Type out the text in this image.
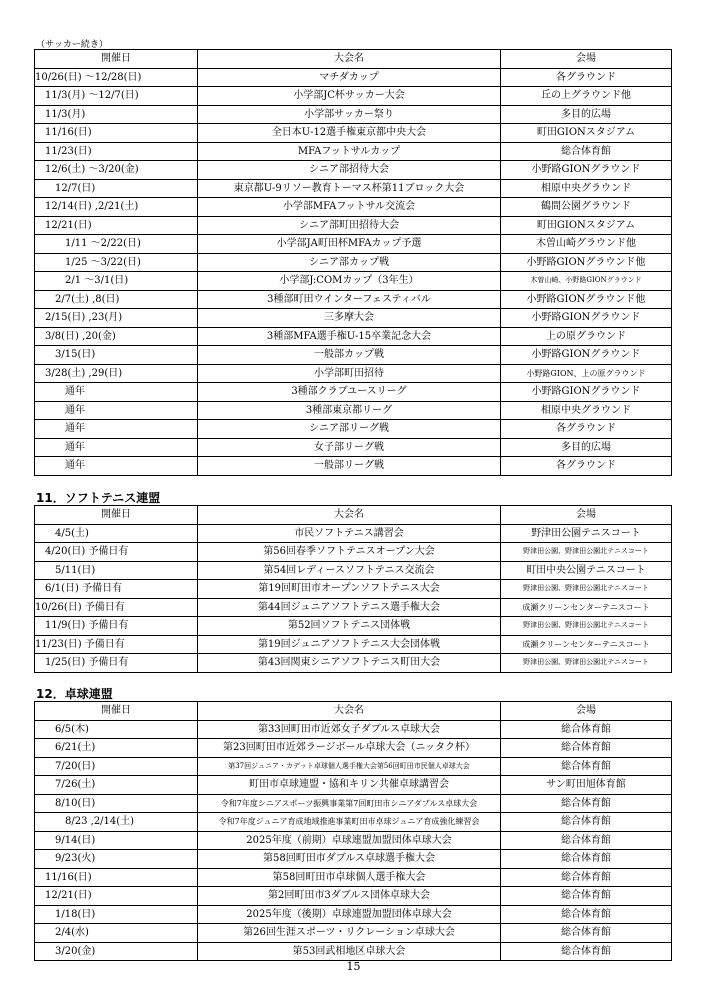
（サッカー続き）
開催日	大会名	会場
10/26(日) ～12/28(日)	マチダカップ	各グラウンド
　11/3(月) ～12/7(日)	小学部JC杯サッカー大会	丘の上グラウンド他
　11/3(月)	小学部サッカー祭り	多目的広場
　11/16(日)	全日本U-12選手権東京都中央大会	町田GIONスタジアム
　11/23(日)	MFAフットサルカップ	総合体育館
　12/6(土) ～3/20(金)	シニア部招待大会	小野路GIONグラウンド
　　12/7(日)	東京都U-9リソー教育トーマス杯第11ブロック大会	相原中央グラウンド
　12/14(日) ,2/21(土)	小学部MFAフットサル交流会	鶴間公園グラウンド
　12/21(日)	シニア部町田招待大会	町田GIONスタジアム
　　　1/11 ～2/22(日)	小学部JA町田杯MFAカップ予選	木曽山崎グラウンド他
　　　1/25 ～3/22(日)	シニア部カップ戦	小野路GIONグラウンド他
　　　2/1 ～3/1(日)	小学部J:COMカップ（3年生）	木曽山崎、小野路GIONグラウンド
　　2/7(土) ,8(日)	3種部町田ウインターフェスティバル	小野路GIONグラウンド他
　2/15(日) ,23(月)	三多摩大会	小野路GIONグラウンド
　3/8(日) ,20(金)	3種部MFA選手権U-15卒業記念大会	上の原グラウンド
　　3/15(日)	一般部カップ戦	小野路GIONグラウンド
　3/28(土) ,29(日)	小学部町田招待	小野路GION、上の原グラウンド
　　　通年	3種部クラブユースリーグ	小野路GIONグラウンド
　　　通年	3種部東京都リーグ	相原中央グラウンド
　　　通年	シニア部リーグ戦	各グラウンド
　　　通年	女子部リーグ戦	多目的広場
　　　通年	一般部リーグ戦	各グラウンド
11．ソフトテニス連盟
開催日	大会名	会場
　　4/5(土)	市民ソフトテニス講習会	野津田公園テニスコート
　4/20(日) 予備日有	第56回春季ソフトテニスオープン大会	野津田公園、野津田公園北テニスコート
　　5/11(日)	第54回レディースソフトテニス交流会	町田中央公園テニスコート
　6/1(日) 予備日有	第19回町田市オープンソフトテニス大会	野津田公園、野津田公園北テニスコート
10/26(日) 予備日有	第44回ジュニアソフトテニス選手権大会	成瀬クリーンセンターテニスコート
　11/9(日) 予備日有	第52回ソフトテニス団体戦	野津田公園、野津田公園北テニスコート
11/23(日) 予備日有	第19回ジュニアソフトテニス大会団体戦	成瀬クリーンセンターテニスコート
　1/25(日) 予備日有	第43回関東シニアソフトテニス町田大会	野津田公園、野津田公園北テニスコート
12．卓球連盟
開催日	大会名	会場
　　6/5(木)	第33回町田市近郊女子ダブルス卓球大会	総合体育館
　　6/21(土)	第23回町田市近郊ラージボール卓球大会（ニッタク杯）	総合体育館
　　7/20(日)	第37回ジュニア・カデット卓球個人選手権大会第56回町田市民個人卓球大会	総合体育館
　　7/26(土)	町田市卓球連盟・協和キリン共催卓球講習会	サン町田旭体育館
　　8/10(日)	令和7年度シニアスポーツ振興事業第7回町田市シニアダブルス卓球大会	総合体育館
　　　8/23 ,2/14(土)	令和7年度ジュニア育成地域推進事業町田市卓球ジュニア育成強化練習会	総合体育館
　　9/14(日)	2025年度（前期）卓球連盟加盟団体卓球大会	総合体育館
　　9/23(火)	第58回町田市ダブルス卓球選手権大会	総合体育館
　11/16(日)	第58回町田市卓球個人選手権大会	総合体育館
　12/21(日)	第2回町田市3ダブルス団体卓球大会	総合体育館
　　1/18(日)	2025年度（後期）卓球連盟加盟団体卓球大会	総合体育館
　　2/4(水)	第26回生涯スポーツ・リクレーション卓球大会	総合体育館
　　3/20(金)	第53回武相地区卓球大会	総合体育館
15
